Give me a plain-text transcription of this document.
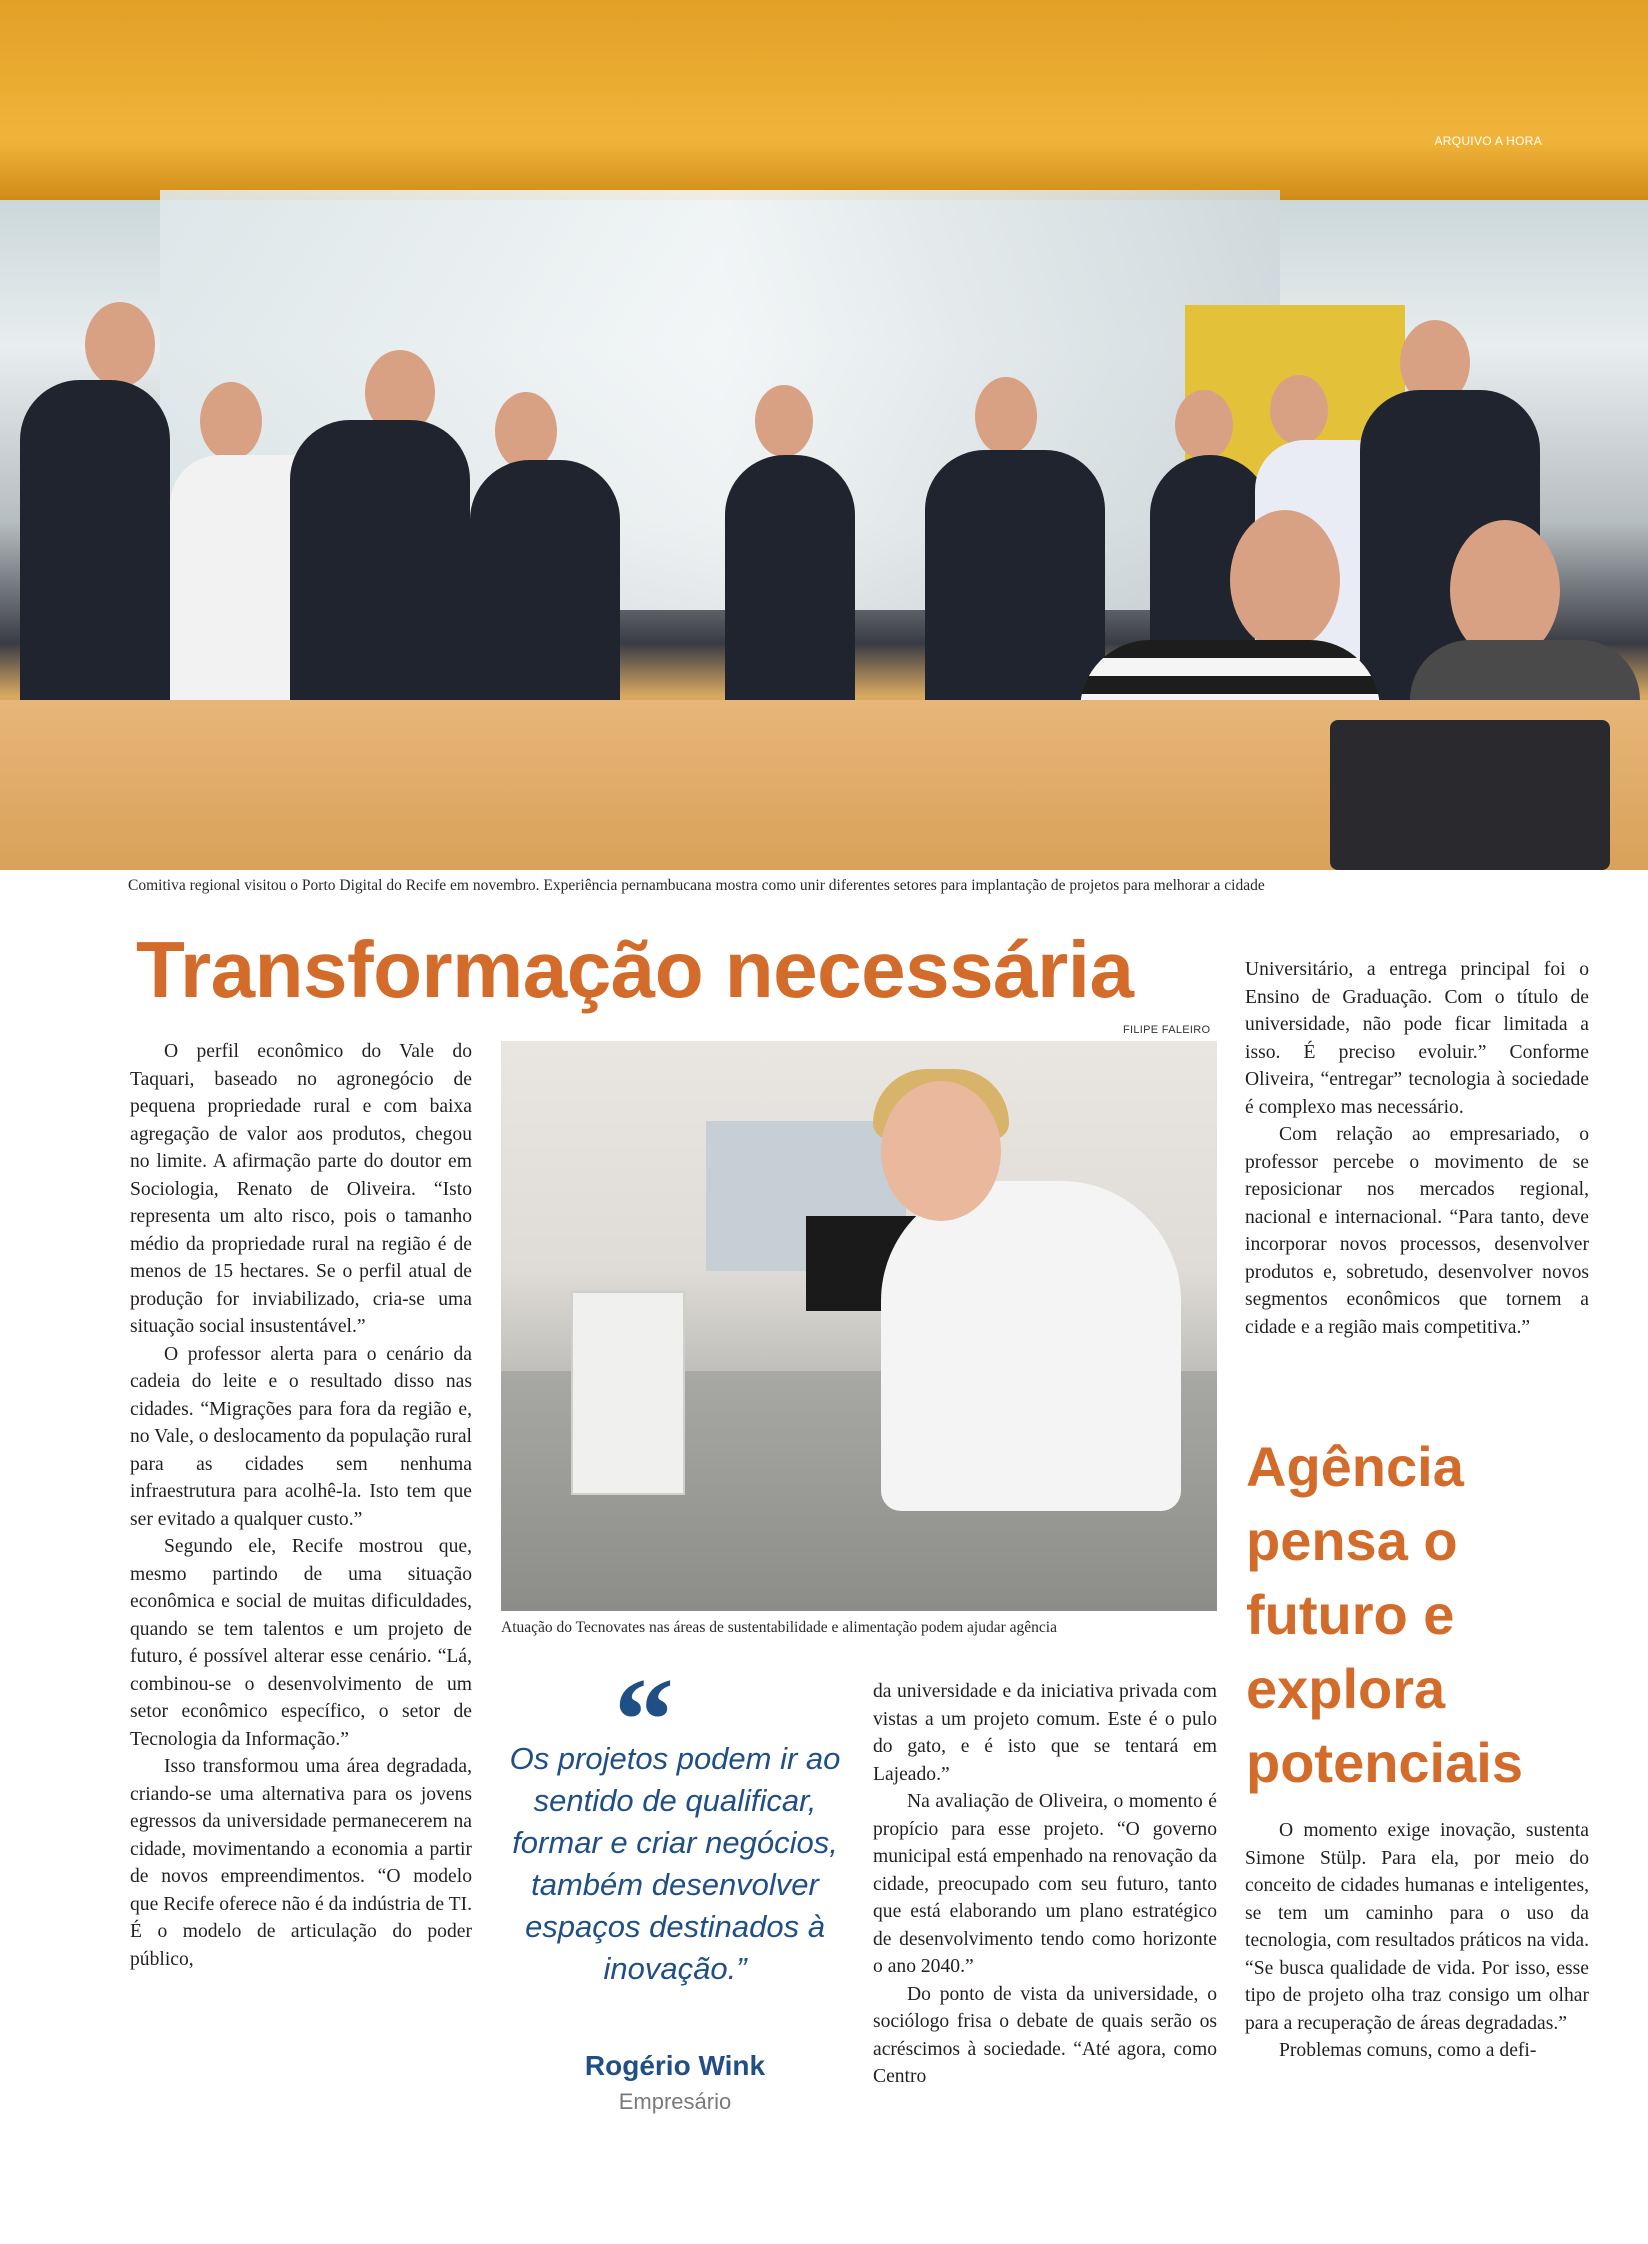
ARQUIVO A HORA
Comitiva regional visitou o Porto Digital do Recife em novembro. Experiência pernambucana mostra como unir diferentes setores para implantação de projetos para melhorar a cidade
Transformação necessária
FILIPE FALEIRO

O perfil econômico do Vale do Taquari, baseado no agronegócio de pequena propriedade rural e com baixa agregação de valor aos produtos, chegou no limite. A afirmação parte do doutor em Sociologia, Renato de Oliveira. “Isto representa um alto risco, pois o tamanho médio da propriedade rural na região é de menos de 15 hectares. Se o perfil atual de produção for inviabilizado, cria-se uma situação social insustentável.”

O professor alerta para o cenário da cadeia do leite e o resultado disso nas cidades. “Migrações para fora da região e, no Vale, o deslocamento da população rural para as cidades sem nenhuma infraestrutura para acolhê-la. Isto tem que ser evitado a qualquer custo.”

Segundo ele, Recife mostrou que, mesmo partindo de uma situação econômica e social de muitas dificuldades, quando se tem talentos e um projeto de futuro, é possível alterar esse cenário. “Lá, combinou-se o desenvolvimento de um setor econômico específico, o setor de Tecnologia da Informação.”

Isso transformou uma área degradada, criando-se uma alternativa para os jovens egressos da universidade permanecerem na cidade, movimentando a economia a partir de novos empreendimentos. “O modelo que Recife oferece não é da indústria de TI. É o modelo de articulação do poder público,

Atuação do Tecnovates nas áreas de sustentabilidade e alimentação podem ajudar agência
“
Os projetos podem ir ao sentido de qualificar, formar e criar negócios, também desenvolver espaços destinados à inovação.”
Rogério Wink
Empresário

da universidade e da iniciativa privada com vistas a um projeto comum. Este é o pulo do gato, e é isto que se tentará em Lajeado.”

Na avaliação de Oliveira, o momento é propício para esse projeto. “O governo municipal está empenhado na renovação da cidade, preocupado com seu futuro, tanto que está elaborando um plano estratégico de desenvolvimento tendo como horizonte o ano 2040.”

Do ponto de vista da universidade, o sociólogo frisa o debate de quais serão os acréscimos à sociedade. “Até agora, como Centro

Universitário, a entrega principal foi o Ensino de Graduação. Com o título de universidade, não pode ficar limitada a isso. É preciso evoluir.” Conforme Oliveira, “entregar” tecnologia à sociedade é complexo mas necessário.

Com relação ao empresariado, o professor percebe o movimento de se reposicionar nos mercados regional, nacional e internacional. “Para tanto, deve incorporar novos processos, desenvolver produtos e, sobretudo, desenvolver novos segmentos econômicos que tornem a cidade e a região mais competitiva.”

Agência pensa o futuro e explora potenciais

O momento exige inovação, sustenta Simone Stülp. Para ela, por meio do conceito de cidades humanas e inteligentes, se tem um caminho para o uso da tecnologia, com resultados práticos na vida. “Se busca qualidade de vida. Por isso, esse tipo de projeto olha traz consigo um olhar para a recuperação de áreas degradadas.”

Problemas comuns, como a defi-
